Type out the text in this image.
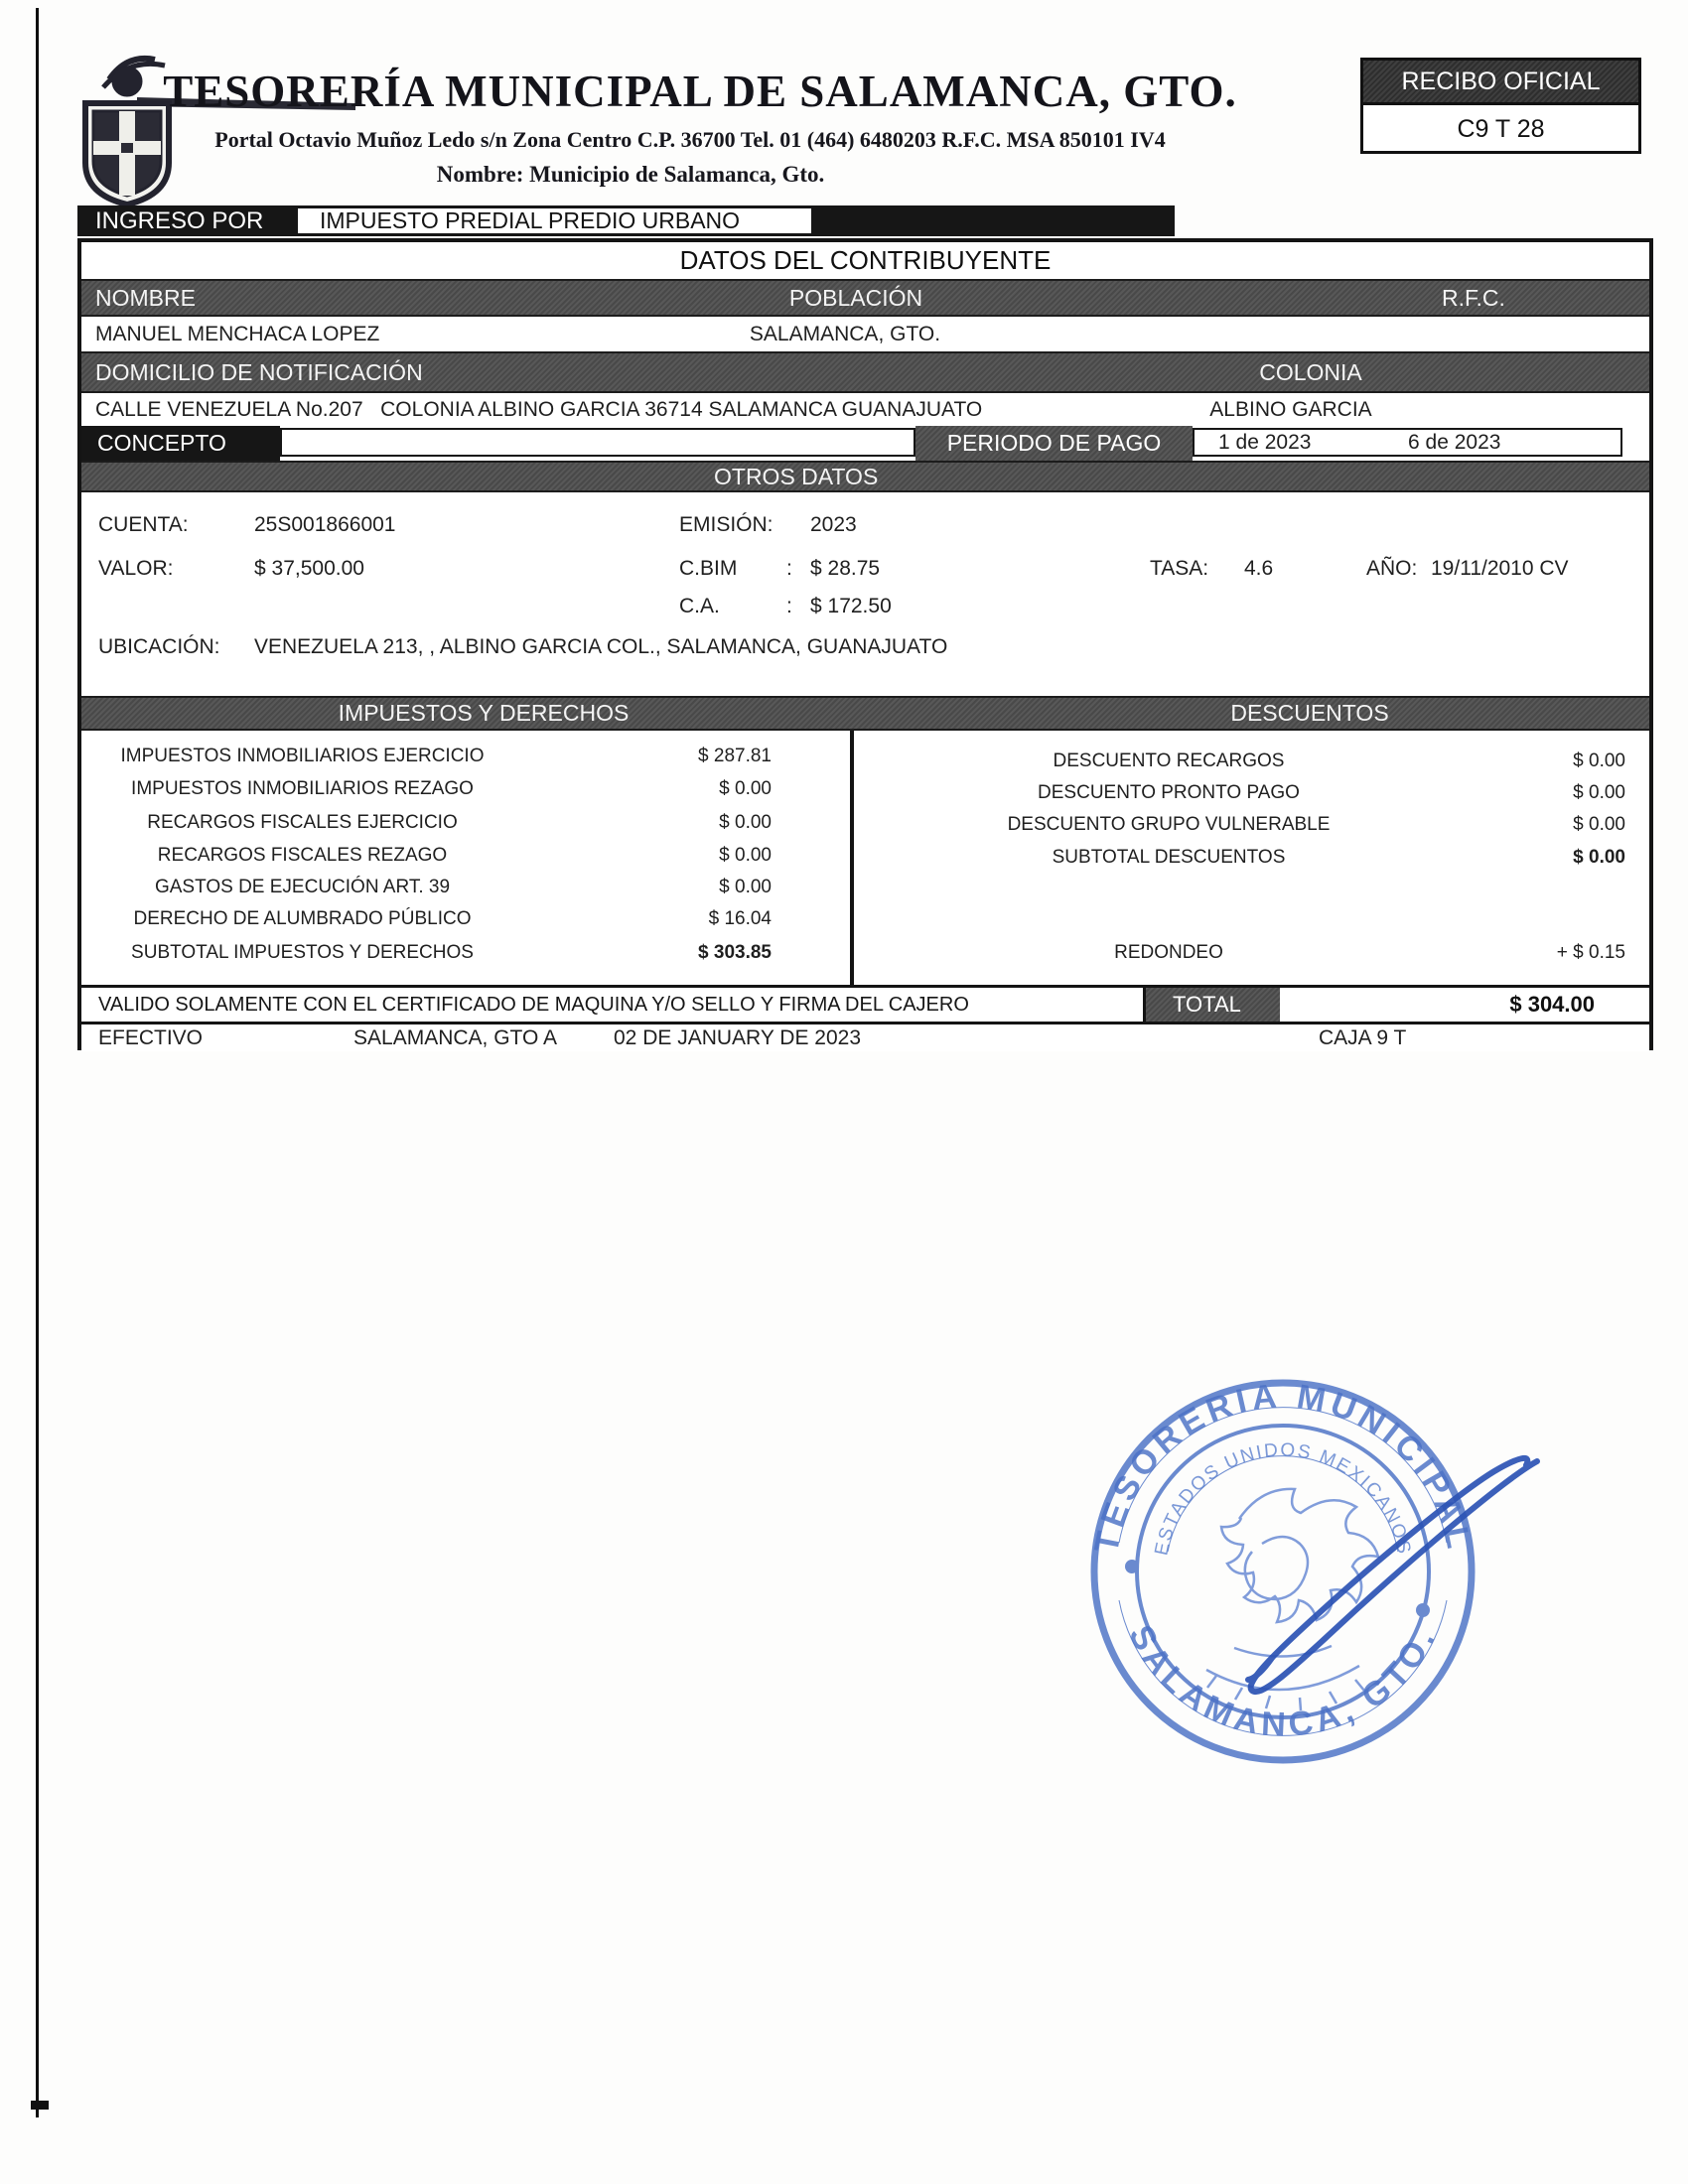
TESORERÍA MUNICIPAL DE SALAMANCA, GTO.
Portal Octavio Muñoz Ledo s/n Zona Centro C.P. 36700 Tel. 01 (464) 6480203 R.F.C. MSA 850101 IV4
Nombre: Municipio de Salamanca, Gto.
RECIBO OFICIAL
C9 T 28
INGRESO POR	IMPUESTO PREDIAL PREDIO URBANO
DATOS DEL CONTRIBUYENTE
NOMBRE	POBLACIÓN	R.F.C.
MANUEL MENCHACA LOPEZ	SALAMANCA, GTO.
DOMICILIO DE NOTIFICACIÓN	COLONIA
CALLE VENEZUELA No.207   COLONIA ALBINO GARCIA 36714 SALAMANCA GUANAJUATO	ALBINO GARCIA
CONCEPTO	PERIODO DE PAGO	1 de 2023	6 de 2023
OTROS DATOS
CUENTA:	25S001866001	EMISIÓN: 2023
VALOR:	$ 37,500.00	C.BIM : $ 28.75	TASA: 4.6	AÑO: 19/11/2010 CV
C.A.	: $ 172.50
UBICACIÓN: VENEZUELA 213, , ALBINO GARCIA COL., SALAMANCA, GUANAJUATO
IMPUESTOS Y DERECHOS	DESCUENTOS
IMPUESTOS INMOBILIARIOS EJERCICIO	$ 287.81
IMPUESTOS INMOBILIARIOS REZAGO	$ 0.00
RECARGOS FISCALES EJERCICIO	$ 0.00
RECARGOS FISCALES REZAGO	$ 0.00
GASTOS DE EJECUCIÓN ART. 39	$ 0.00
DERECHO DE ALUMBRADO PÚBLICO	$ 16.04
SUBTOTAL IMPUESTOS Y DERECHOS	$ 303.85
DESCUENTO RECARGOS	$ 0.00
DESCUENTO PRONTO PAGO	$ 0.00
DESCUENTO GRUPO VULNERABLE	$ 0.00
SUBTOTAL DESCUENTOS	$ 0.00
REDONDEO	+ $ 0.15
VALIDO SOLAMENTE CON EL CERTIFICADO DE MAQUINA Y/O SELLO Y FIRMA DEL CAJERO	TOTAL	$ 304.00
EFECTIVO	SALAMANCA, GTO A	02 DE JANUARY DE 2023	CAJA 9 T
TESORERIA MUNICIPAL
SALAMANCA, GTO.
ESTADOS UNIDOS MEXICANOS
